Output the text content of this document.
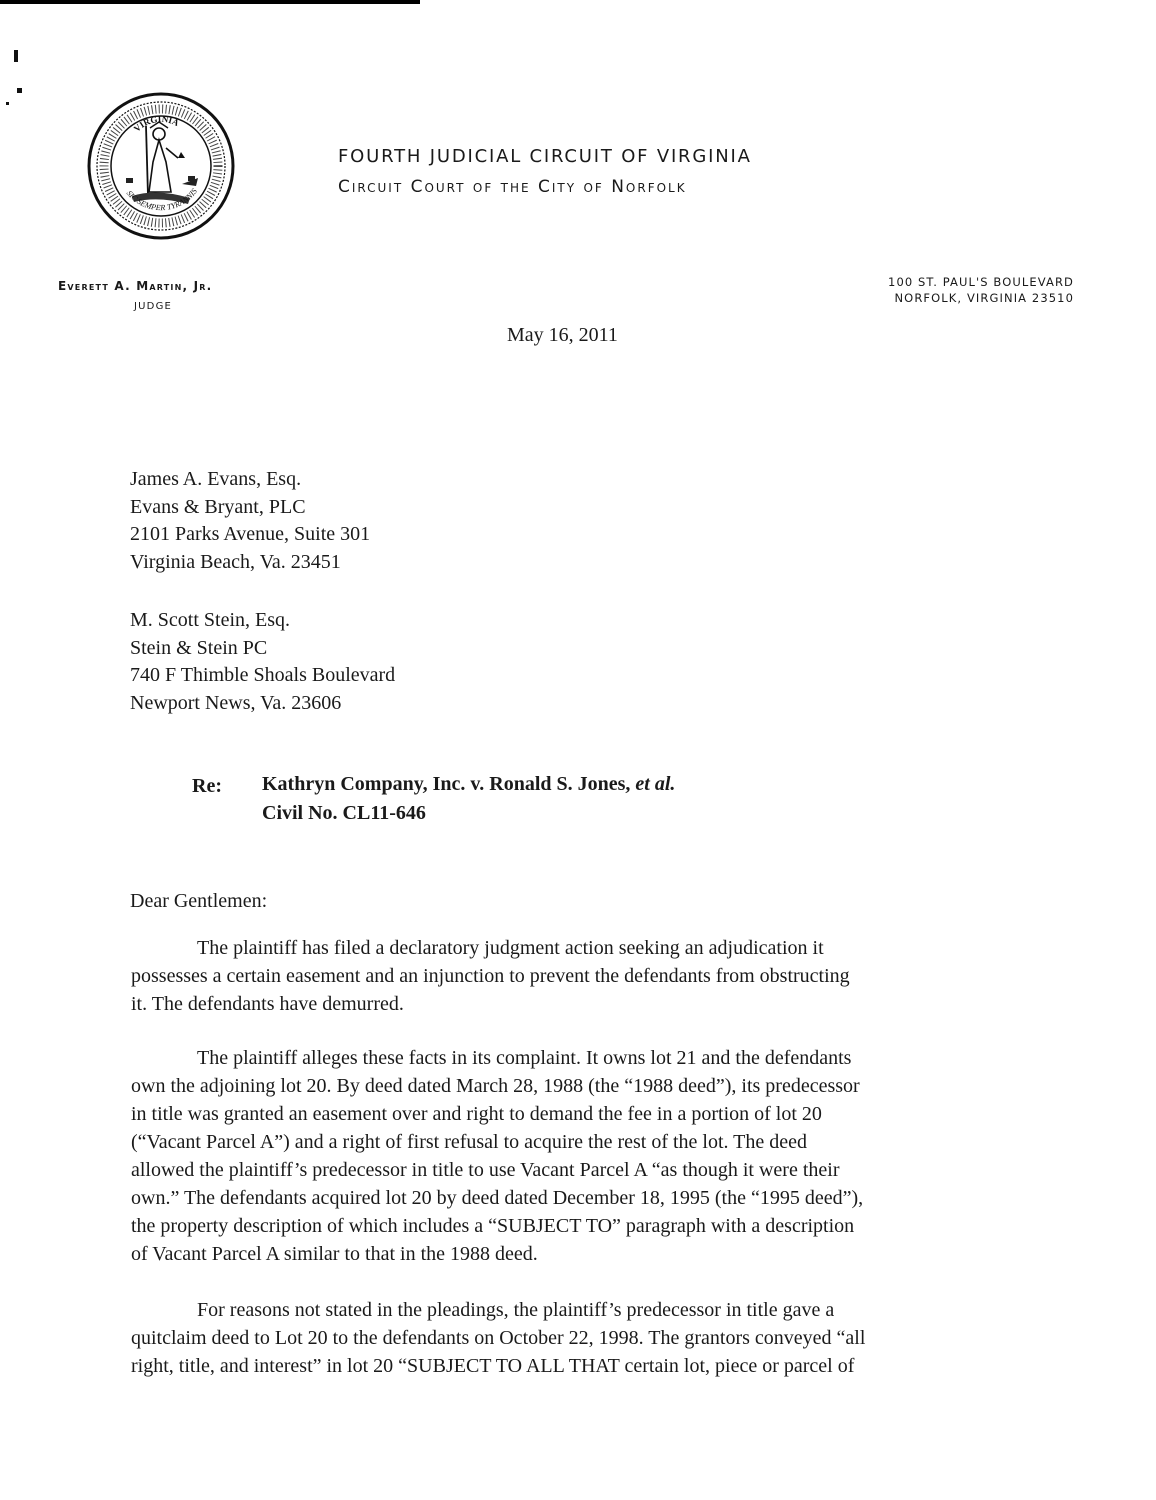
VIRGINIA
SIC SEMPER TYRANNIS
FOURTH JUDICIAL CIRCUIT OF VIRGINIA
Circuit Court of the City of Norfolk
Everett A. Martin, Jr.
JUDGE
100 ST. PAUL'S BOULEVARD
NORFOLK, VIRGINIA 23510
May 16, 2011
James A. Evans, Esq.
Evans & Bryant, PLC
2101 Parks Avenue, Suite 301
Virginia Beach, Va. 23451
M. Scott Stein, Esq.
Stein & Stein PC
740 F Thimble Shoals Boulevard
Newport News, Va. 23606
Re: Kathryn Company, Inc. v. Ronald S. Jones, et al.
Civil No. CL11-646
Dear Gentlemen:
The plaintiff has filed a declaratory judgment action seeking an adjudication it
possesses a certain easement and an injunction to prevent the defendants from obstructing
it. The defendants have demurred.
The plaintiff alleges these facts in its complaint. It owns lot 21 and the defendants
own the adjoining lot 20. By deed dated March 28, 1988 (the “1988 deed”), its predecessor
in title was granted an easement over and right to demand the fee in a portion of lot 20
(“Vacant Parcel A”) and a right of first refusal to acquire the rest of the lot. The deed
allowed the plaintiff’s predecessor in title to use Vacant Parcel A “as though it were their
own.” The defendants acquired lot 20 by deed dated December 18, 1995 (the “1995 deed”),
the property description of which includes a “SUBJECT TO” paragraph with a description
of Vacant Parcel A similar to that in the 1988 deed.
For reasons not stated in the pleadings, the plaintiff’s predecessor in title gave a
quitclaim deed to Lot 20 to the defendants on October 22, 1998. The grantors conveyed “all
right, title, and interest” in lot 20 “SUBJECT TO ALL THAT certain lot, piece or parcel of
